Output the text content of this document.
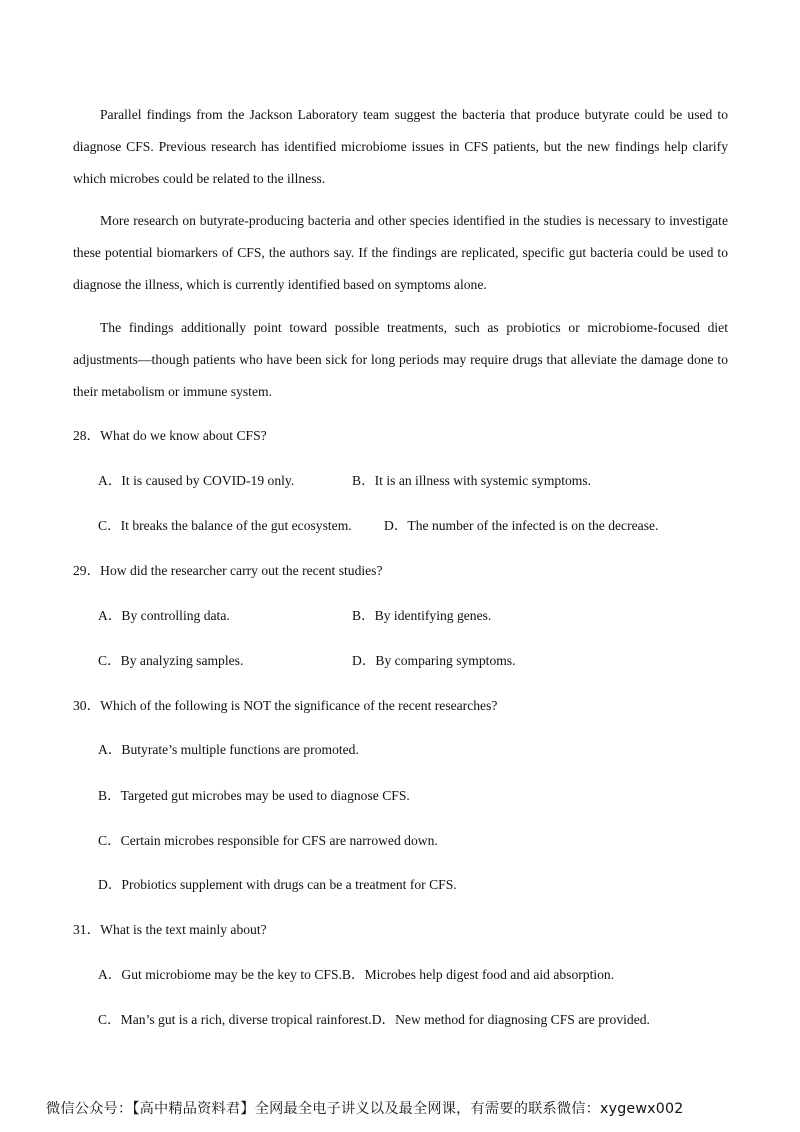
Parallel findings from the Jackson Laboratory team suggest the bacteria that produce butyrate could be used to diagnose CFS. Previous research has identified microbiome issues in CFS patients, but the new findings help clarify which microbes could be related to the illness.

More research on butyrate-producing bacteria and other species identified in the studies is necessary to investigate these potential biomarkers of CFS, the authors say. If the findings are replicated, specific gut bacteria could be used to diagnose the illness, which is currently identified based on symptoms alone.

The findings additionally point toward possible treatments, such as probiotics or microbiome-focused diet adjustments—though patients who have been sick for long periods may require drugs that alleviate the damage done to their metabolism or immune system.

28．What do we know about CFS?

A．It is caused by COVID-19 only.	B．It is an illness with systemic symptoms.

C．It breaks the balance of the gut ecosystem. D．The number of the infected is on the decrease.

29．How did the researcher carry out the recent studies?

A．By controlling data.	B．By identifying genes.

C．By analyzing samples.	D．By comparing symptoms.

30．Which of the following is NOT the significance of the recent researches?

A．Butyrate’s multiple functions are promoted.

B．Targeted gut microbes may be used to diagnose CFS.

C．Certain microbes responsible for CFS are narrowed down.

D．Probiotics supplement with drugs can be a treatment for CFS.

31．What is the text mainly about?

A．Gut microbiome may be the key to CFS.B．Microbes help digest food and aid absorption.

C．Man’s gut is a rich, diverse tropical rainforest.D．New method for diagnosing CFS are provided.

微信公众号：【高中精品资料君】全网最全电子讲义以及最全网课，有需要的联系微信：xygewx002
